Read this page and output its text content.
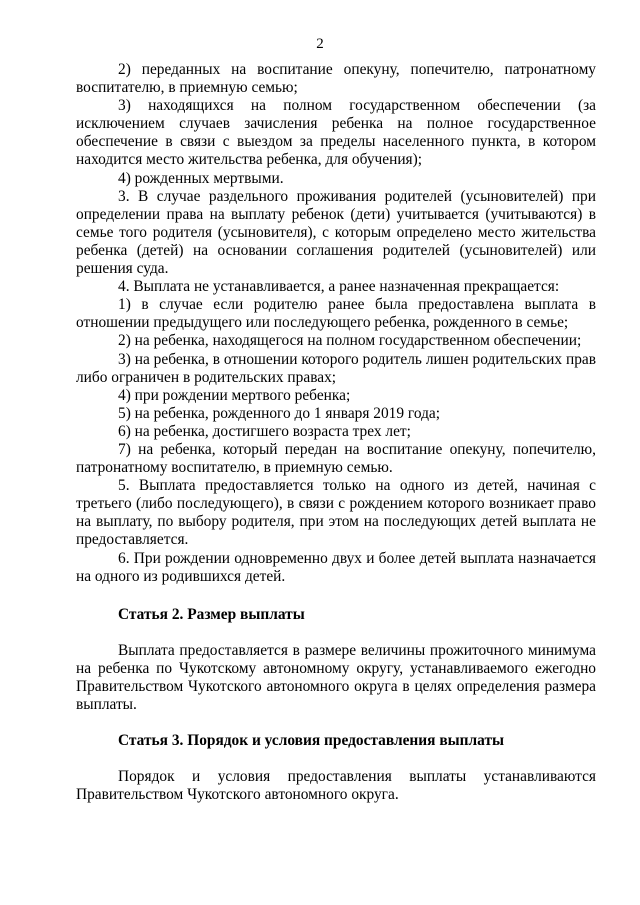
2

2) переданных на воспитание опекуну, попечителю, патронатному воспитателю, в приемную семью;

3) находящихся на полном государственном обеспечении (за исключением случаев зачисления ребенка на полное государственное обеспечение в связи с выездом за пределы населенного пункта, в котором находится место жительства ребенка, для обучения);

4) рожденных мертвыми.

3. В случае раздельного проживания родителей (усыновителей) при определении права на выплату ребенок (дети) учитывается (учитываются) в семье того родителя (усыновителя), с которым определено место жительства ребенка (детей) на основании соглашения родителей (усыновителей) или решения суда.

4. Выплата не устанавливается, а ранее назначенная прекращается:

1) в случае если родителю ранее была предоставлена выплата в отношении предыдущего или последующего ребенка, рожденного в семье;

2) на ребенка, находящегося на полном государственном обеспечении;

3) на ребенка, в отношении которого родитель лишен родительских прав либо ограничен в родительских правах;

4) при рождении мертвого ребенка;

5) на ребенка, рожденного до 1 января 2019 года;

6) на ребенка, достигшего возраста трех лет;

7) на ребенка, который передан на воспитание опекуну, попечителю, патронатному воспитателю, в приемную семью.

5. Выплата предоставляется только на одного из детей, начиная с третьего (либо последующего), в связи с рождением которого возникает право на выплату, по выбору родителя, при этом на последующих детей выплата не предоставляется.

6. При рождении одновременно двух и более детей выплата назначается на одного из родившихся детей.

Статья 2. Размер выплаты

Выплата предоставляется в размере величины прожиточного минимума на ребенка по Чукотскому автономному округу, устанавливаемого ежегодно Правительством Чукотского автономного округа в целях определения размера выплаты.

Статья 3. Порядок и условия предоставления выплаты

Порядок и условия предоставления выплаты устанавливаются Правительством Чукотского автономного округа.
